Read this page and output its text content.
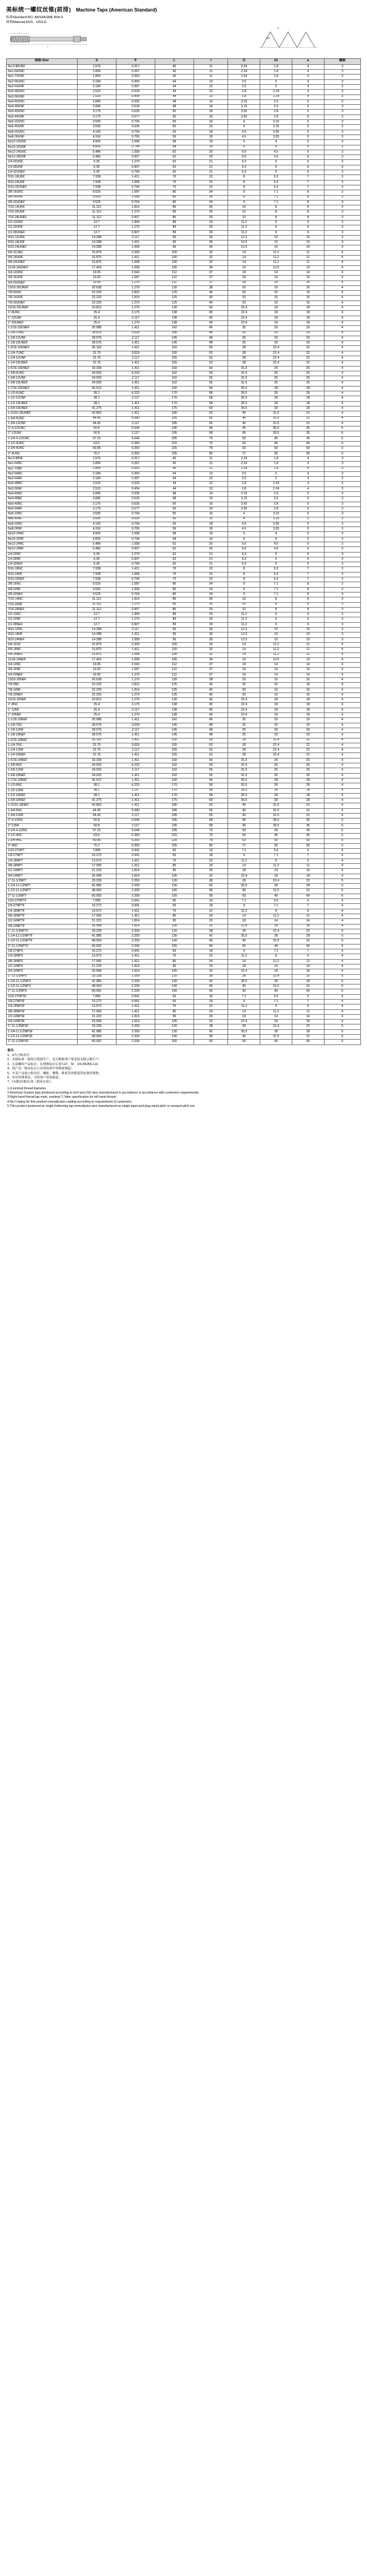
美标统一螺纹丝锥(前排) Machine Taps (American Standard)
标准Standard:NO.:ANSI/ASME B94.9
材料Material:HSS、HSS-E
L
l
P
60°
规格 Size	d	P	L	l	l1	d1	a	槽数
No.0-80UNF	1.575	0.317	40	11	2.24	1.8	4	3
No1-64UNC	1.854	0.397	40	11	2.24	1.8	4	3
No1-72UNF	1.854	0.353	40	11	2.24	1.8	4	3
No2-56UNC	2.184	0.454	44	13	2.5	2	4	3
No2-64UNF	2.184	0.397	44	13	2.5	2	4	3
No3-48UNC	2.515	0.529	44	13	2.8	2.24	4	3
No3-56UNF	2.515	0.454	44	13	2.8	2.24	4	3
No4-40UNC	2.845	0.635	48	14	3.15	2.5	5	3
No4-48UNF	2.845	0.529	48	14	3.15	2.5	5	3
No5-40UNC	3.175	0.635	50	16	3.55	2.8	5	3
No5-44UNF	3.175	0.577	50	16	3.55	2.8	5	3
No6-32UNC	3.505	0.794	50	16	4	3.15	5	3
No6-40UNF	3.505	0.635	50	16	4	3.15	5	3
No8-32UNC	4.166	0.794	56	18	4.5	3.55	5	3
No8-36UNF	4.166	0.706	56	18	4.5	3.55	5	3
No10-24UNC	4.826	1.058	58	19	5	4	5	3
No10-32UNF	4.826	0.794	58	19	5	4	5	3
No12-24UNC	5.486	1.058	62	20	5.6	4.5	6	3
No12-28UNF	5.486	0.907	62	20	5.6	4.5	6	3
1/4-20UNC	6.35	1.270	62	21	6.3	5	6	3
1/4-28UNF	6.35	0.907	62	21	6.3	5	6	3
1/4-32UNEF	6.35	0.794	62	21	6.3	5	6	3
5/16-18UNC	7.938	1.411	70	22	8	6.3	7	3
5/16-24UNF	7.938	1.058	70	22	8	6.3	7	3
5/16-32UNEF	7.938	0.794	70	22	8	6.3	7	3
3/8-16UNC	9.525	1.587	80	24	9	7.1	8	3
3/8-24UNF	9.525	1.058	80	24	9	7.1	8	3
3/8-32UNEF	9.525	0.794	80	24	9	7.1	8	3
7/16-14UNC	11.112	1.814	85	26	10	8	8	3
7/16-20UNF	11.112	1.270	85	26	10	8	8	3
7/16-28UNEF	11.112	0.907	85	26	10	8	8	3
1/2-13UNC	12.7	1.954	89	29	11.2	9	9	3
1/2-20UNF	12.7	1.270	89	29	11.2	9	9	3
1/2-28UNEF	12.7	0.907	89	29	11.2	9	9	3
9/16-12UNC	14.288	2.117	95	30	12.5	10	10	3
9/16-18UNF	14.288	1.411	95	30	12.5	10	10	3
9/16-24UNEF	14.288	1.058	95	30	12.5	10	10	3
5/8-11UNC	15.875	2.309	100	32	14	11.2	11	4
5/8-18UNF	15.875	1.411	100	32	14	11.2	11	4
5/8-24UNEF	15.875	1.058	100	32	14	11.2	11	4
11/16-24UNEF	17.462	1.058	105	34	16	12.5	12	4
3/4-10UNC	19.05	2.540	112	37	18	14	14	4
3/4-16UNF	19.05	1.587	112	37	18	14	14	4
3/4-20UNEF	19.05	1.270	112	37	18	14	14	4
13/16-20UNEF	20.638	1.270	118	38	20	16	16	4
7/8-9UNC	22.225	2.822	125	40	20	16	16	4
7/8-14UNF	22.225	1.814	125	40	20	16	16	4
7/8-20UNEF	22.225	1.270	125	40	20	16	16	4
15/16-20UNEF	23.812	1.270	130	42	22.4	18	18	4
1"-8UNC	25.4	3.175	138	45	22.4	18	18	4
1"-12UNF	25.4	2.117	138	45	22.4	18	18	4
1"-20UNEF	25.4	1.270	138	45	22.4	18	18	4
1-1/16-18UNEF	26.988	1.411	142	46	25	20	20	4
1-1/8-7UNC	28.575	3.629	145	48	25	20	20	4
1-1/8-12UNF	28.575	2.117	145	48	25	20	20	4
1-1/8-18UNEF	28.575	1.411	145	48	25	20	20	4
1-3/16-18UNEF	30.162	1.411	150	50	28	22.4	22	4
1-1/4-7UNC	31.75	3.629	155	52	28	22.4	22	4
1-1/4-12UNF	31.75	2.117	155	52	28	22.4	22	4
1-1/4-18UNEF	31.75	1.411	155	52	28	22.4	22	4
1-5/16-18UNEF	33.338	1.411	160	54	31.5	25	25	4
1-3/8-6UNC	34.925	4.233	162	55	31.5	25	25	4
1-3/8-12UNF	34.925	2.117	162	55	31.5	25	25	4
1-3/8-18UNEF	34.925	1.411	162	55	31.5	25	25	4
1-7/16-18UNEF	36.512	1.411	165	56	35.5	28	28	4
1-1/2-6UNC	38.1	4.233	170	58	35.5	28	28	4
1-1/2-12UNF	38.1	2.117	170	58	35.5	28	28	4
1-1/2-18UNEF	38.1	1.411	170	58	35.5	28	28	4
1-5/8-18UNEF	41.275	1.411	175	60	35.5	28	28	4
1-11/16-18UNEF	42.862	1.411	180	62	40	31.5	31	4
1-3/4-5UNC	44.45	5.080	185	65	40	31.5	31	4
1-3/4-12UNF	44.45	2.117	185	65	40	31.5	31	4
2"-4-1/2UNC	50.8	5.644	195	68	45	35.5	35	6
2"-12UNF	50.8	2.117	195	68	45	35.5	35	6
2-1/4-4-1/2UNC	57.15	5.644	205	70	50	40	40	6
2-1/2-4UNC	63.5	6.350	215	75	56	45	45	6
2-3/4-4UNC	69.85	6.350	225	78	63	50	50	6
3"-4UNC	76.2	6.350	235	80	71	56	56	6
No.0-80NF	1.575	0.317	40	11	2.24	1.8	4	3
No1-64NC	1.854	0.397	40	11	2.24	1.8	4	3
No1-72NF	1.854	0.353	40	11	2.24	1.8	4	3
No2-56NC	2.184	0.454	44	13	2.5	2	4	3
No2-64NF	2.184	0.397	44	13	2.5	2	4	3
No3-48NC	2.515	0.529	44	13	2.8	2.24	4	3
No3-56NF	2.515	0.454	44	13	2.8	2.24	4	3
No4-40NC	2.845	0.635	48	14	3.15	2.5	5	3
No4-48NF	2.845	0.529	48	14	3.15	2.5	5	3
No5-40NC	3.175	0.635	50	16	3.55	2.8	5	3
No5-44NF	3.175	0.577	50	16	3.55	2.8	5	3
No6-32NC	3.505	0.794	50	16	4	3.15	5	3
No6-40NF	3.505	0.635	50	16	4	3.15	5	3
No8-32NC	4.166	0.794	56	18	4.5	3.55	5	3
No8-36NF	4.166	0.706	56	18	4.5	3.55	5	3
No10-24NC	4.826	1.058	58	19	5	4	5	3
No10-32NF	4.826	0.794	58	19	5	4	5	3
No12-24NC	5.486	1.058	62	20	5.6	4.5	6	3
No12-28NF	5.486	0.907	62	20	5.6	4.5	6	3
1/4-20NC	6.35	1.270	62	21	6.3	5	6	3
1/4-28NF	6.35	0.907	62	21	6.3	5	6	3
1/4-32NEF	6.35	0.794	62	21	6.3	5	6	3
5/16-18NC	7.938	1.411	70	22	8	6.3	7	3
5/16-24NF	7.938	1.058	70	22	8	6.3	7	3
5/16-32NEF	7.938	0.794	70	22	8	6.3	7	3
3/8-16NC	9.525	1.587	80	24	9	7.1	8	3
3/8-24NF	9.525	1.058	80	24	9	7.1	8	3
3/8-32NEF	9.525	0.794	80	24	9	7.1	8	3
7/16-14NC	11.112	1.814	85	26	10	8	8	3
7/16-20NF	11.112	1.270	85	26	10	8	8	3
7/16-28NEF	11.112	0.907	85	26	10	8	8	3
1/2-13NC	12.7	1.954	89	29	11.2	9	9	3
1/2-20NF	12.7	1.270	89	29	11.2	9	9	3
1/2-28NEF	12.7	0.907	89	29	11.2	9	9	3
9/16-12NC	14.288	2.117	95	30	12.5	10	10	3
9/16-18NF	14.288	1.411	95	30	12.5	10	10	3
9/16-24NEF	14.288	1.058	95	30	12.5	10	10	3
5/8-11NC	15.875	2.309	100	32	14	11.2	11	4
5/8-18NF	15.875	1.411	100	32	14	11.2	11	4
5/8-24NEF	15.875	1.058	100	32	14	11.2	11	4
11/16-24NEF	17.462	1.058	105	34	16	12.5	12	4
3/4-10NC	19.05	2.540	112	37	18	14	14	4
3/4-16NF	19.05	1.587	112	37	18	14	14	4
3/4-20NEF	19.05	1.270	112	37	18	14	14	4
13/16-20NEF	20.638	1.270	118	38	20	16	16	4
7/8-9NC	22.225	2.822	125	40	20	16	16	4
7/8-14NF	22.225	1.814	125	40	20	16	16	4
7/8-20NEF	22.225	1.270	125	40	20	16	16	4
15/16-20NEF	23.812	1.270	130	42	22.4	18	18	4
1"-8NC	25.4	3.175	138	45	22.4	18	18	4
1"-12NF	25.4	2.117	138	45	22.4	18	18	4
1"-20NEF	25.4	1.270	138	45	22.4	18	18	4
1-1/16-18NEF	26.988	1.411	142	46	25	20	20	4
1-1/8-7NC	28.575	3.629	145	48	25	20	20	4
1-1/8-12NF	28.575	2.117	145	48	25	20	20	4
1-1/8-18NEF	28.575	1.411	145	48	25	20	20	4
1-3/16-18NEF	30.162	1.411	150	50	28	22.4	22	4
1-1/4-7NC	31.75	3.629	155	52	28	22.4	22	4
1-1/4-12NF	31.75	2.117	155	52	28	22.4	22	4
1-1/4-18NEF	31.75	1.411	155	52	28	22.4	22	4
1-5/16-18NEF	33.338	1.411	160	54	31.5	25	25	4
1-3/8-6NC	34.925	4.233	162	55	31.5	25	25	4
1-3/8-12NF	34.925	2.117	162	55	31.5	25	25	4
1-3/8-18NEF	34.925	1.411	162	55	31.5	25	25	4
1-7/16-18NEF	36.512	1.411	165	56	35.5	28	28	4
1-1/2-6NC	38.1	4.233	170	58	35.5	28	28	4
1-1/2-12NF	38.1	2.117	170	58	35.5	28	28	4
1-1/2-18NEF	38.1	1.411	170	58	35.5	28	28	4
1-5/8-18NEF	41.275	1.411	175	60	35.5	28	28	4
1-11/16-18NEF	42.862	1.411	180	62	40	31.5	31	4
1-3/4-5NC	44.45	5.080	185	65	40	31.5	31	4
1-3/4-12NF	44.45	2.117	185	65	40	31.5	31	4
2"-4-1/2NC	50.8	5.644	195	68	45	35.5	35	6
2"-12NF	50.8	2.117	195	68	45	35.5	35	6
2-1/4-4-1/2NC	57.15	5.644	205	70	50	40	40	6
2-1/2-4NC	63.5	6.350	215	75	56	45	45	6
2-3/4-4NC	69.85	6.350	225	78	63	50	50	6
3"-4NC	76.2	6.350	235	80	71	56	56	6
1/16-27NPT	7.895	0.941	60	16	7.1	5.6	6	4
1/8-27NPT	10.272	0.941	65	18	9	7.1	7	4
1/4-18NPT	13.572	1.411	75	22	11.2	9	9	4
3/8-18NPT	17.055	1.411	80	24	14	11.2	11	4
1/2-14NPT	21.223	1.814	95	29	18	14	14	4
3/4-14NPT	26.568	1.814	105	32	22.4	18	18	4
1"-11-1/2NPT	33.228	2.209	120	38	28	22.4	22	5
1-1/4-11-1/2NPT	41.985	2.209	130	42	35.5	28	28	5
1-1/2-11-1/2NPT	48.054	2.209	140	45	40	31.5	31	5
2"-11-1/2NPT	60.092	2.209	155	50	50	40	40	6
1/16-27NPTF	7.895	0.941	60	16	7.1	5.6	6	4
1/8-27NPTF	10.272	0.941	65	18	9	7.1	7	4
1/4-18NPTF	13.572	1.411	75	22	11.2	9	9	4
3/8-18NPTF	17.055	1.411	80	24	14	11.2	11	4
1/2-14NPTF	21.223	1.814	95	29	18	14	14	4
3/4-14NPTF	26.568	1.814	105	32	22.4	18	18	4
1"-11-1/2NPTF	33.228	2.209	120	38	28	22.4	22	5
1-1/4-11-1/2NPTF	41.985	2.209	130	42	35.5	28	28	5
1-1/2-11-1/2NPTF	48.054	2.209	140	45	40	31.5	31	5
2"-11-1/2NPTF	60.092	2.209	155	50	50	40	40	6
1/8-27NPS	10.272	0.941	65	18	9	7.1	7	4
1/4-18NPS	13.572	1.411	75	22	11.2	9	9	4
3/8-18NPS	17.055	1.411	80	24	14	11.2	11	4
1/2-14NPS	21.223	1.814	95	29	18	14	14	4
3/4-14NPS	26.568	1.814	105	32	22.4	18	18	4
1"-11-1/2NPS	33.228	2.209	120	38	28	22.4	22	5
1-1/4-11-1/2NPS	41.985	2.209	130	42	35.5	28	28	5
1-1/2-11-1/2NPS	48.054	2.209	140	45	40	31.5	31	5
2"-11-1/2NPS	60.092	2.209	155	50	50	40	40	6
1/16-27NPSF	7.895	0.941	60	16	7.1	5.6	6	4
1/8-27NPSF	10.272	0.941	65	18	9	7.1	7	4
1/4-18NPSF	13.572	1.411	75	22	11.2	9	9	4
3/8-18NPSF	17.055	1.411	80	24	14	11.2	11	4
1/2-14NPSF	21.223	1.814	95	29	18	14	14	4
3/4-14NPSF	26.568	1.814	105	32	22.4	18	18	4
1"-11-1/2NPSF	33.228	2.209	120	38	28	22.4	22	5
1-1/4-11-1/2NPSF	41.985	2.209	130	42	35.5	28	28	5
1-1/2-11-1/2NPSF	48.054	2.209	140	45	40	31.5	31	5
2"-11-1/2NPSF	60.092	2.209	155	50	50	40	40	6
备注：

1、d为公称直径

2、美制标准一般按分圆制生产，也可根据客户要求按美制公制生产；

3、左旋螺纹产品标记，在规格标记后加"LH"，如：1/4-20UNC-LH；

4、圆产品一般未标注公差按标准中等精度制造；

5、本页产品按公称直径、螺距、槽数、锥度等参数提供标准的规格；

6、如有特殊要求，可按客户要求制造；

7、t为锥(丝锥)长度（倒角长度）；

1.d nominal thread diameter.

2.American System taps produced according to inch-size,ISO also manufactured in accordance in accordance with customers requirements;

3.Right hand thread tap mark, marking "L"after specification for left hand thread;

4.No Coating for this product normally,also coating according to requirements of customers;

5.This product produced as single bottoming tap normally,but also manufactured as single taper,and plug equal pitch or unequal pitch set;
